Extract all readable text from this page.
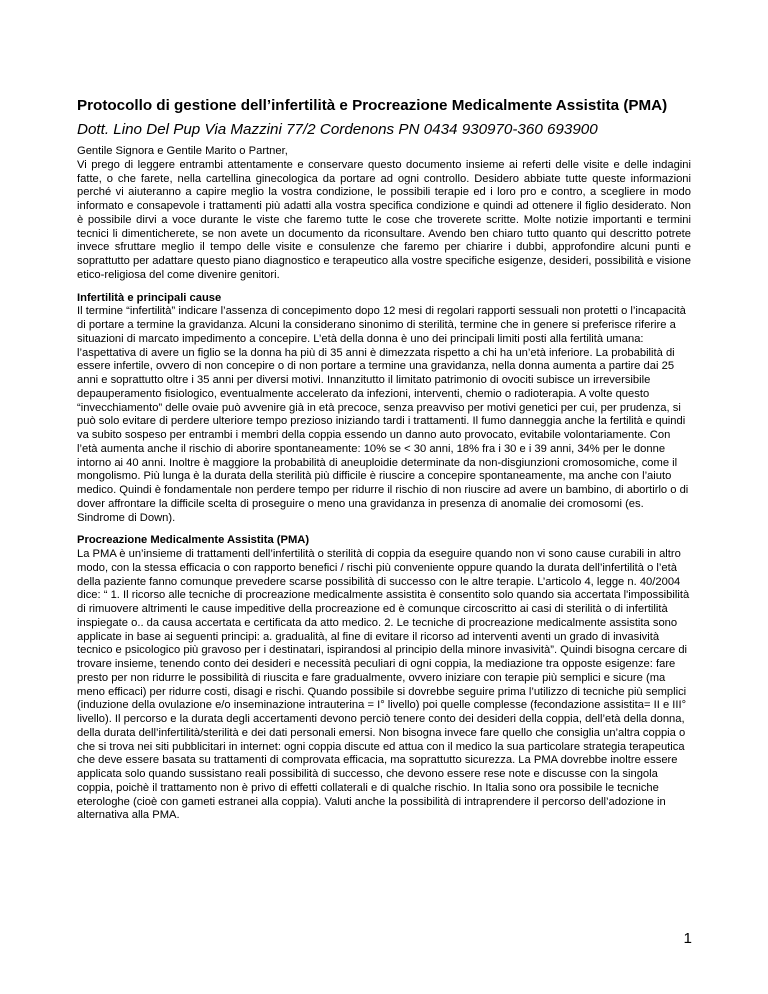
Protocollo di gestione dell’infertilità e Procreazione Medicalmente Assistita (PMA)

Dott. Lino Del Pup Via Mazzini 77/2 Cordenons PN 0434 930970-360 693900

Gentile Signora e Gentile Marito o Partner,

Vi prego di leggere entrambi attentamente e conservare questo documento insieme ai referti delle visite e delle indagini fatte, o che farete, nella cartellina ginecologica da portare ad ogni controllo. Desidero abbiate tutte queste informazioni perché vi aiuteranno a capire meglio la vostra condizione, le possibili terapie ed i loro pro e contro, a scegliere in modo informato e consapevole i trattamenti più adatti alla vostra specifica condizione e quindi ad ottenere il figlio desiderato. Non è possibile dirvi a voce durante le viste che faremo tutte le cose che troverete scritte. Molte notizie importanti e termini tecnici li dimenticherete, se non avete un documento da riconsultare. Avendo ben chiaro tutto quanto qui descritto potrete invece sfruttare meglio il tempo delle visite e consulenze che faremo per chiarire i dubbi, approfondire alcuni punti e soprattutto per adattare questo piano diagnostico e terapeutico alla vostre specifiche esigenze, desideri, possibilità e visione etico-religiosa del come divenire genitori.

Infertilità e principali cause

Il termine “infertilità” indicare l’assenza di concepimento dopo 12 mesi di regolari rapporti sessuali non protetti o l’incapacità di portare a termine la gravidanza. Alcuni la considerano sinonimo di sterilità, termine che in genere si preferisce riferire a situazioni di marcato impedimento a concepire. L’età della donna è uno dei principali limiti posti alla fertilità umana: l’aspettativa di avere un figlio se la donna ha più di 35 anni è dimezzata rispetto a chi ha un’età inferiore. La probabilità di essere infertile, ovvero di non concepire o di non portare a termine una gravidanza, nella donna aumenta a partire dai 25 anni e soprattutto oltre i 35 anni per diversi motivi. Innanzitutto il limitato patrimonio di ovociti subisce un irreversibile depauperamento fisiologico, eventualmente accelerato da infezioni, interventi, chemio o radioterapia. A volte questo “invecchiamento” delle ovaie può avvenire già in età precoce, senza preavviso per motivi genetici per cui, per prudenza, si può solo evitare di perdere ulteriore tempo prezioso iniziando tardi i trattamenti. Il fumo danneggia anche la fertilità e quindi va subito sospeso per entrambi i membri della coppia essendo un danno auto provocato, evitabile volontariamente. Con l’età aumenta anche il rischio di aborire spontaneamente: 10% se < 30 anni, 18% fra i 30 e i 39 anni, 34% per le donne intorno ai 40 anni. Inoltre è maggiore la probabilità di aneuploidie determinate da non-disgiunzioni cromosomiche, come il mongolismo. Più lunga è la durata della sterilità più difficile è riuscire a concepire spontaneamente, ma anche con l’aiuto medico. Quindi è fondamentale non perdere tempo per ridurre il rischio di non riuscire ad avere un bambino, di abortirlo o di dover affrontare la difficile scelta di proseguire o meno una gravidanza in presenza di anomalie dei cromosomi (es. Sindrome di Down).

Procreazione Medicalmente Assistita (PMA)

La PMA è un’insieme di trattamenti dell’infertilità o sterilità di coppia da eseguire quando non vi sono cause curabili in altro modo, con la stessa efficacia o con rapporto benefici / rischi più conveniente oppure quando la durata dell’infertilità o l’età della paziente fanno comunque prevedere scarse possibilità di successo con le altre terapie. L’articolo 4, legge n. 40/2004 dice: “ 1. Il ricorso alle tecniche di procreazione medicalmente assistita è consentito solo quando sia accertata l'impossibilità di rimuovere altrimenti le cause impeditive della procreazione ed è comunque circoscritto ai casi di sterilità o di infertilità inspiegate o.. da causa accertata e certificata da atto medico. 2. Le tecniche di procreazione medicalmente assistita sono applicate in base ai seguenti principi: a. gradualità, al fine di evitare il ricorso ad interventi aventi un grado di invasività tecnico e psicologico più gravoso per i destinatari, ispirandosi al principio della minore invasività”. Quindi bisogna cercare di trovare insieme, tenendo conto dei desideri e necessità peculiari di ogni coppia, la mediazione tra opposte esigenze: fare presto per non ridurre le possibilità di riuscita e fare gradualmente, ovvero iniziare con terapie più semplici e sicure (ma meno efficaci) per ridurre costi, disagi e rischi. Quando possibile si dovrebbe seguire prima l’utilizzo di tecniche più semplici (induzione della ovulazione e/o inseminazione intrauterina = I° livello) poi quelle complesse (fecondazione assistita= II e III° livello). Il percorso e la durata degli accertamenti devono perciò tenere conto dei desideri della coppia, dell’età della donna, della durata dell’infertilità/sterilità e dei dati personali emersi. Non bisogna invece fare quello che consiglia un’altra coppia o che si trova nei siti pubblicitari in internet: ogni coppia discute ed attua con il medico la sua particolare strategia terapeutica che deve essere basata su trattamenti di comprovata efficacia, ma soprattutto sicurezza. La PMA dovrebbe inoltre essere applicata solo quando sussistano reali possibilità di successo, che devono essere rese note e discusse con la singola coppia, poichè il trattamento non è privo di effetti collaterali e di qualche rischio. In Italia sono ora possibile le tecniche eterologhe (cioè con gameti estranei alla coppia). Valuti anche la possibilità di intraprendere il percorso dell’adozione in alternativa alla PMA.

1
